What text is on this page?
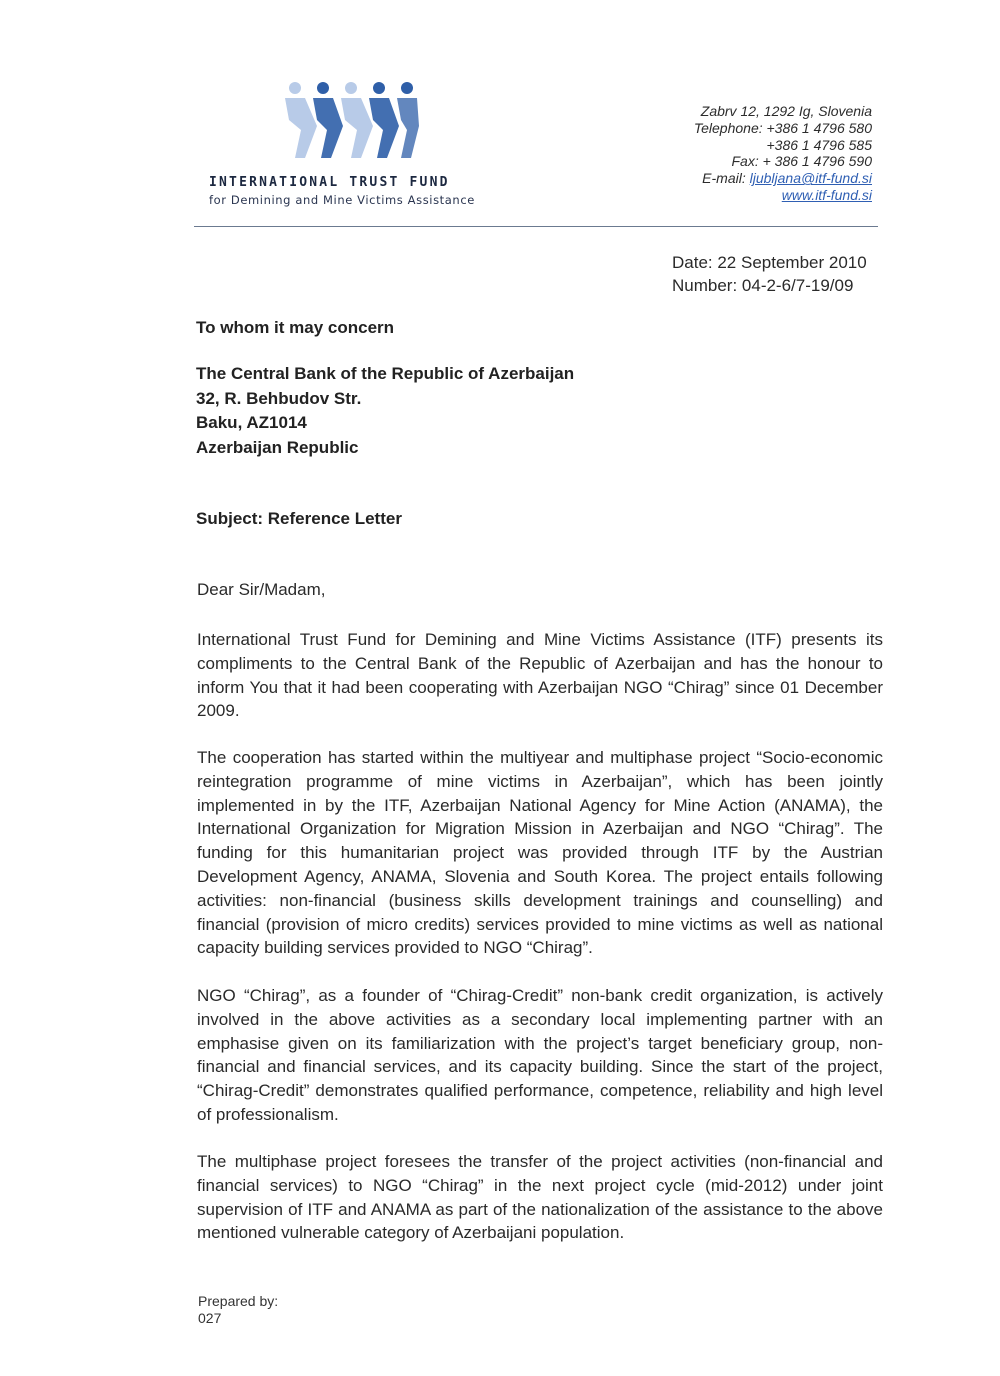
INTERNATIONAL TRUST FUND
for Demining and Mine Victims Assistance
Zabrv 12, 1292 Ig, Slovenia
Telephone: +386 1 4796 580
+386 1 4796 585
Fax: + 386 1 4796 590
E-mail: ljubljana@itf-fund.si
www.itf-fund.si
Date: 22 September 2010
Number: 04-2-6/7-19/09
To whom it may concern
The Central Bank of the Republic of Azerbaijan
32, R. Behbudov Str.
Baku, AZ1014
Azerbaijan Republic
Subject: Reference Letter
Dear Sir/Madam,
International Trust Fund for Demining and Mine Victims Assistance (ITF) presents its compliments to the Central Bank of the Republic of Azerbaijan and has the honour to inform You that it had been cooperating with Azerbaijan NGO “Chirag” since 01 December 2009.
The cooperation has started within the multiyear and multiphase project “Socio-economic reintegration programme of mine victims in Azerbaijan”, which has been jointly implemented in by the ITF, Azerbaijan National Agency for Mine Action (ANAMA), the International Organization for Migration Mission in Azerbaijan and NGO “Chirag”. The funding for this humanitarian project was provided through ITF by the Austrian Development Agency, ANAMA, Slovenia and South Korea. The project entails following activities: non-financial (business skills development trainings and counselling) and financial (provision of micro credits) services provided to mine victims as well as national capacity building services provided to NGO “Chirag”.
NGO “Chirag”, as a founder of “Chirag-Credit” non-bank credit organization, is actively involved in the above activities as a secondary local implementing partner with an emphasise given on its familiarization with the project’s target beneficiary group, non-financial and financial services, and its capacity building. Since the start of the project, “Chirag-Credit” demonstrates qualified performance, competence, reliability and high level of professionalism.
The multiphase project foresees the transfer of the project activities (non-financial and financial services) to NGO “Chirag” in the next project cycle (mid-2012) under joint supervision of ITF and ANAMA as part of the nationalization of the assistance to the above mentioned vulnerable category of Azerbaijani population.
Prepared by:
027
